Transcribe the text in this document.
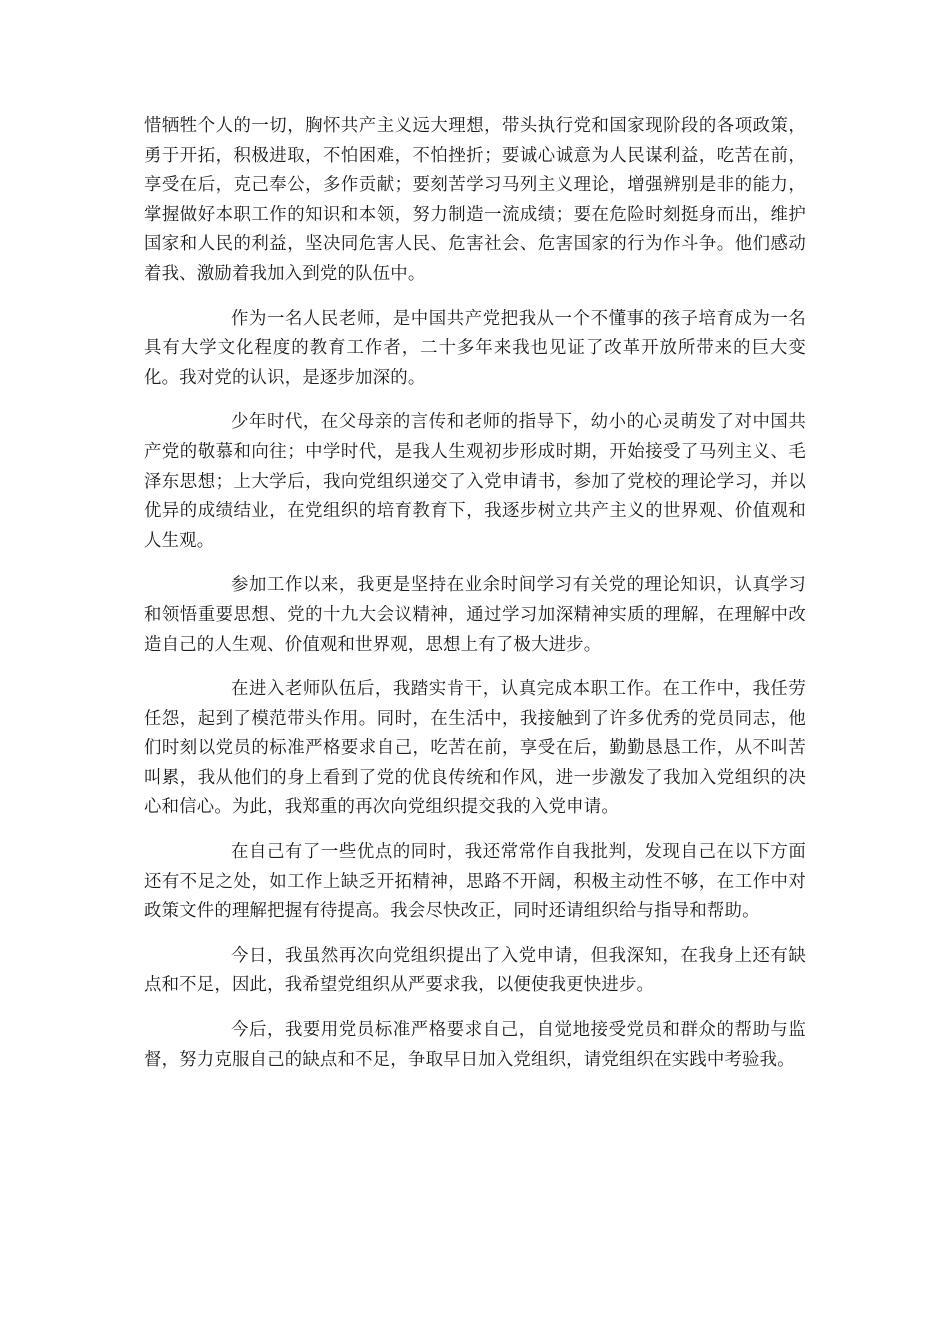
惜牺牲个人的一切，胸怀共产主义远大理想，带头执行党和国家现阶段的各项政策，勇于开拓，积极进取，不怕困难，不怕挫折；要诚心诚意为人民谋利益，吃苦在前，享受在后，克己奉公，多作贡献；要刻苦学习马列主义理论，增强辨别是非的能力，掌握做好本职工作的知识和本领，努力制造一流成绩；要在危险时刻挺身而出，维护国家和人民的利益，坚决同危害人民、危害社会、危害国家的行为作斗争。他们感动着我、激励着我加入到党的队伍中。

作为一名人民老师，是中国共产党把我从一个不懂事的孩子培育成为一名具有大学文化程度的教育工作者，二十多年来我也见证了改革开放所带来的巨大变化。我对党的认识，是逐步加深的。

少年时代，在父母亲的言传和老师的指导下，幼小的心灵萌发了对中国共产党的敬慕和向往；中学时代，是我人生观初步形成时期，开始接受了马列主义、毛泽东思想；上大学后，我向党组织递交了入党申请书，参加了党校的理论学习，并以优异的成绩结业，在党组织的培育教育下，我逐步树立共产主义的世界观、价值观和人生观。

参加工作以来，我更是坚持在业余时间学习有关党的理论知识，认真学习和领悟重要思想、党的十九大会议精神，通过学习加深精神实质的理解，在理解中改造自己的人生观、价值观和世界观，思想上有了极大进步。

在进入老师队伍后，我踏实肯干，认真完成本职工作。在工作中，我任劳任怨，起到了模范带头作用。同时，在生活中，我接触到了许多优秀的党员同志，他们时刻以党员的标准严格要求自己，吃苦在前，享受在后，勤勤恳恳工作，从不叫苦叫累，我从他们的身上看到了党的优良传统和作风，进一步激发了我加入党组织的决心和信心。为此，我郑重的再次向党组织提交我的入党申请。

在自己有了一些优点的同时，我还常常作自我批判，发现自己在以下方面还有不足之处，如工作上缺乏开拓精神，思路不开阔，积极主动性不够，在工作中对政策文件的理解把握有待提高。我会尽快改正，同时还请组织给与指导和帮助。

今日，我虽然再次向党组织提出了入党申请，但我深知，在我身上还有缺点和不足，因此，我希望党组织从严要求我，以便使我更快进步。

今后，我要用党员标准严格要求自己，自觉地接受党员和群众的帮助与监督，努力克服自己的缺点和不足，争取早日加入党组织，请党组织在实践中考验我。
